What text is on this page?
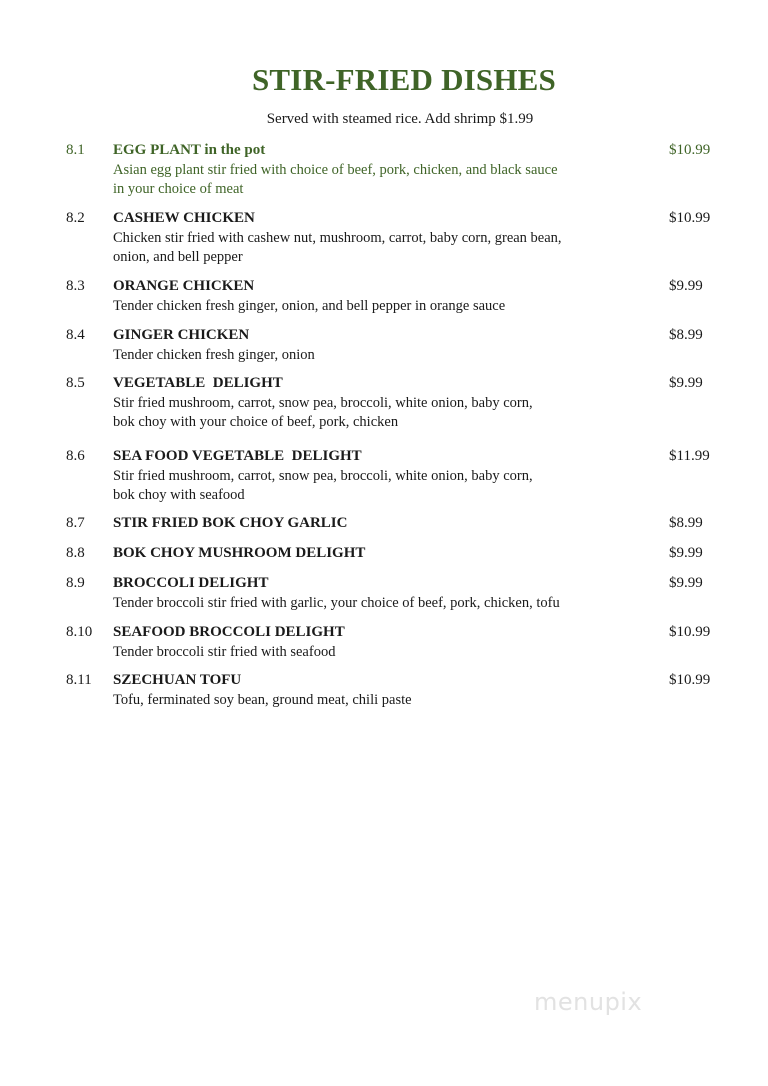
STIR-FRIED DISHES
Served with steamed rice. Add shrimp $1.99
8.1 EGG PLANT in the pot	$10.99
Asian egg plant stir fried with choice of beef, pork, chicken, and black sauce
in your choice of meat
8.2 CASHEW CHICKEN	$10.99
Chicken stir fried with cashew nut, mushroom, carrot, baby corn, grean bean,
onion, and bell pepper
8.3 ORANGE CHICKEN	$9.99
Tender chicken fresh ginger, onion, and bell pepper in orange sauce
8.4 GINGER CHICKEN	$8.99
Tender chicken fresh ginger, onion
8.5 VEGETABLE  DELIGHT	$9.99
Stir fried mushroom, carrot, snow pea, broccoli, white onion, baby corn,
bok choy with your choice of beef, pork, chicken
8.6 SEA FOOD VEGETABLE  DELIGHT	$11.99
Stir fried mushroom, carrot, snow pea, broccoli, white onion, baby corn,
bok choy with seafood
8.7 STIR FRIED BOK CHOY GARLIC	$8.99
8.8 BOK CHOY MUSHROOM DELIGHT	$9.99
8.9 BROCCOLI DELIGHT	$9.99
Tender broccoli stir fried with garlic, your choice of beef, pork, chicken, tofu
8.10 SEAFOOD BROCCOLI DELIGHT	$10.99
Tender broccoli stir fried with seafood
8.11 SZECHUAN TOFU	$10.99
Tofu, ferminated soy bean, ground meat, chili paste
menupix
